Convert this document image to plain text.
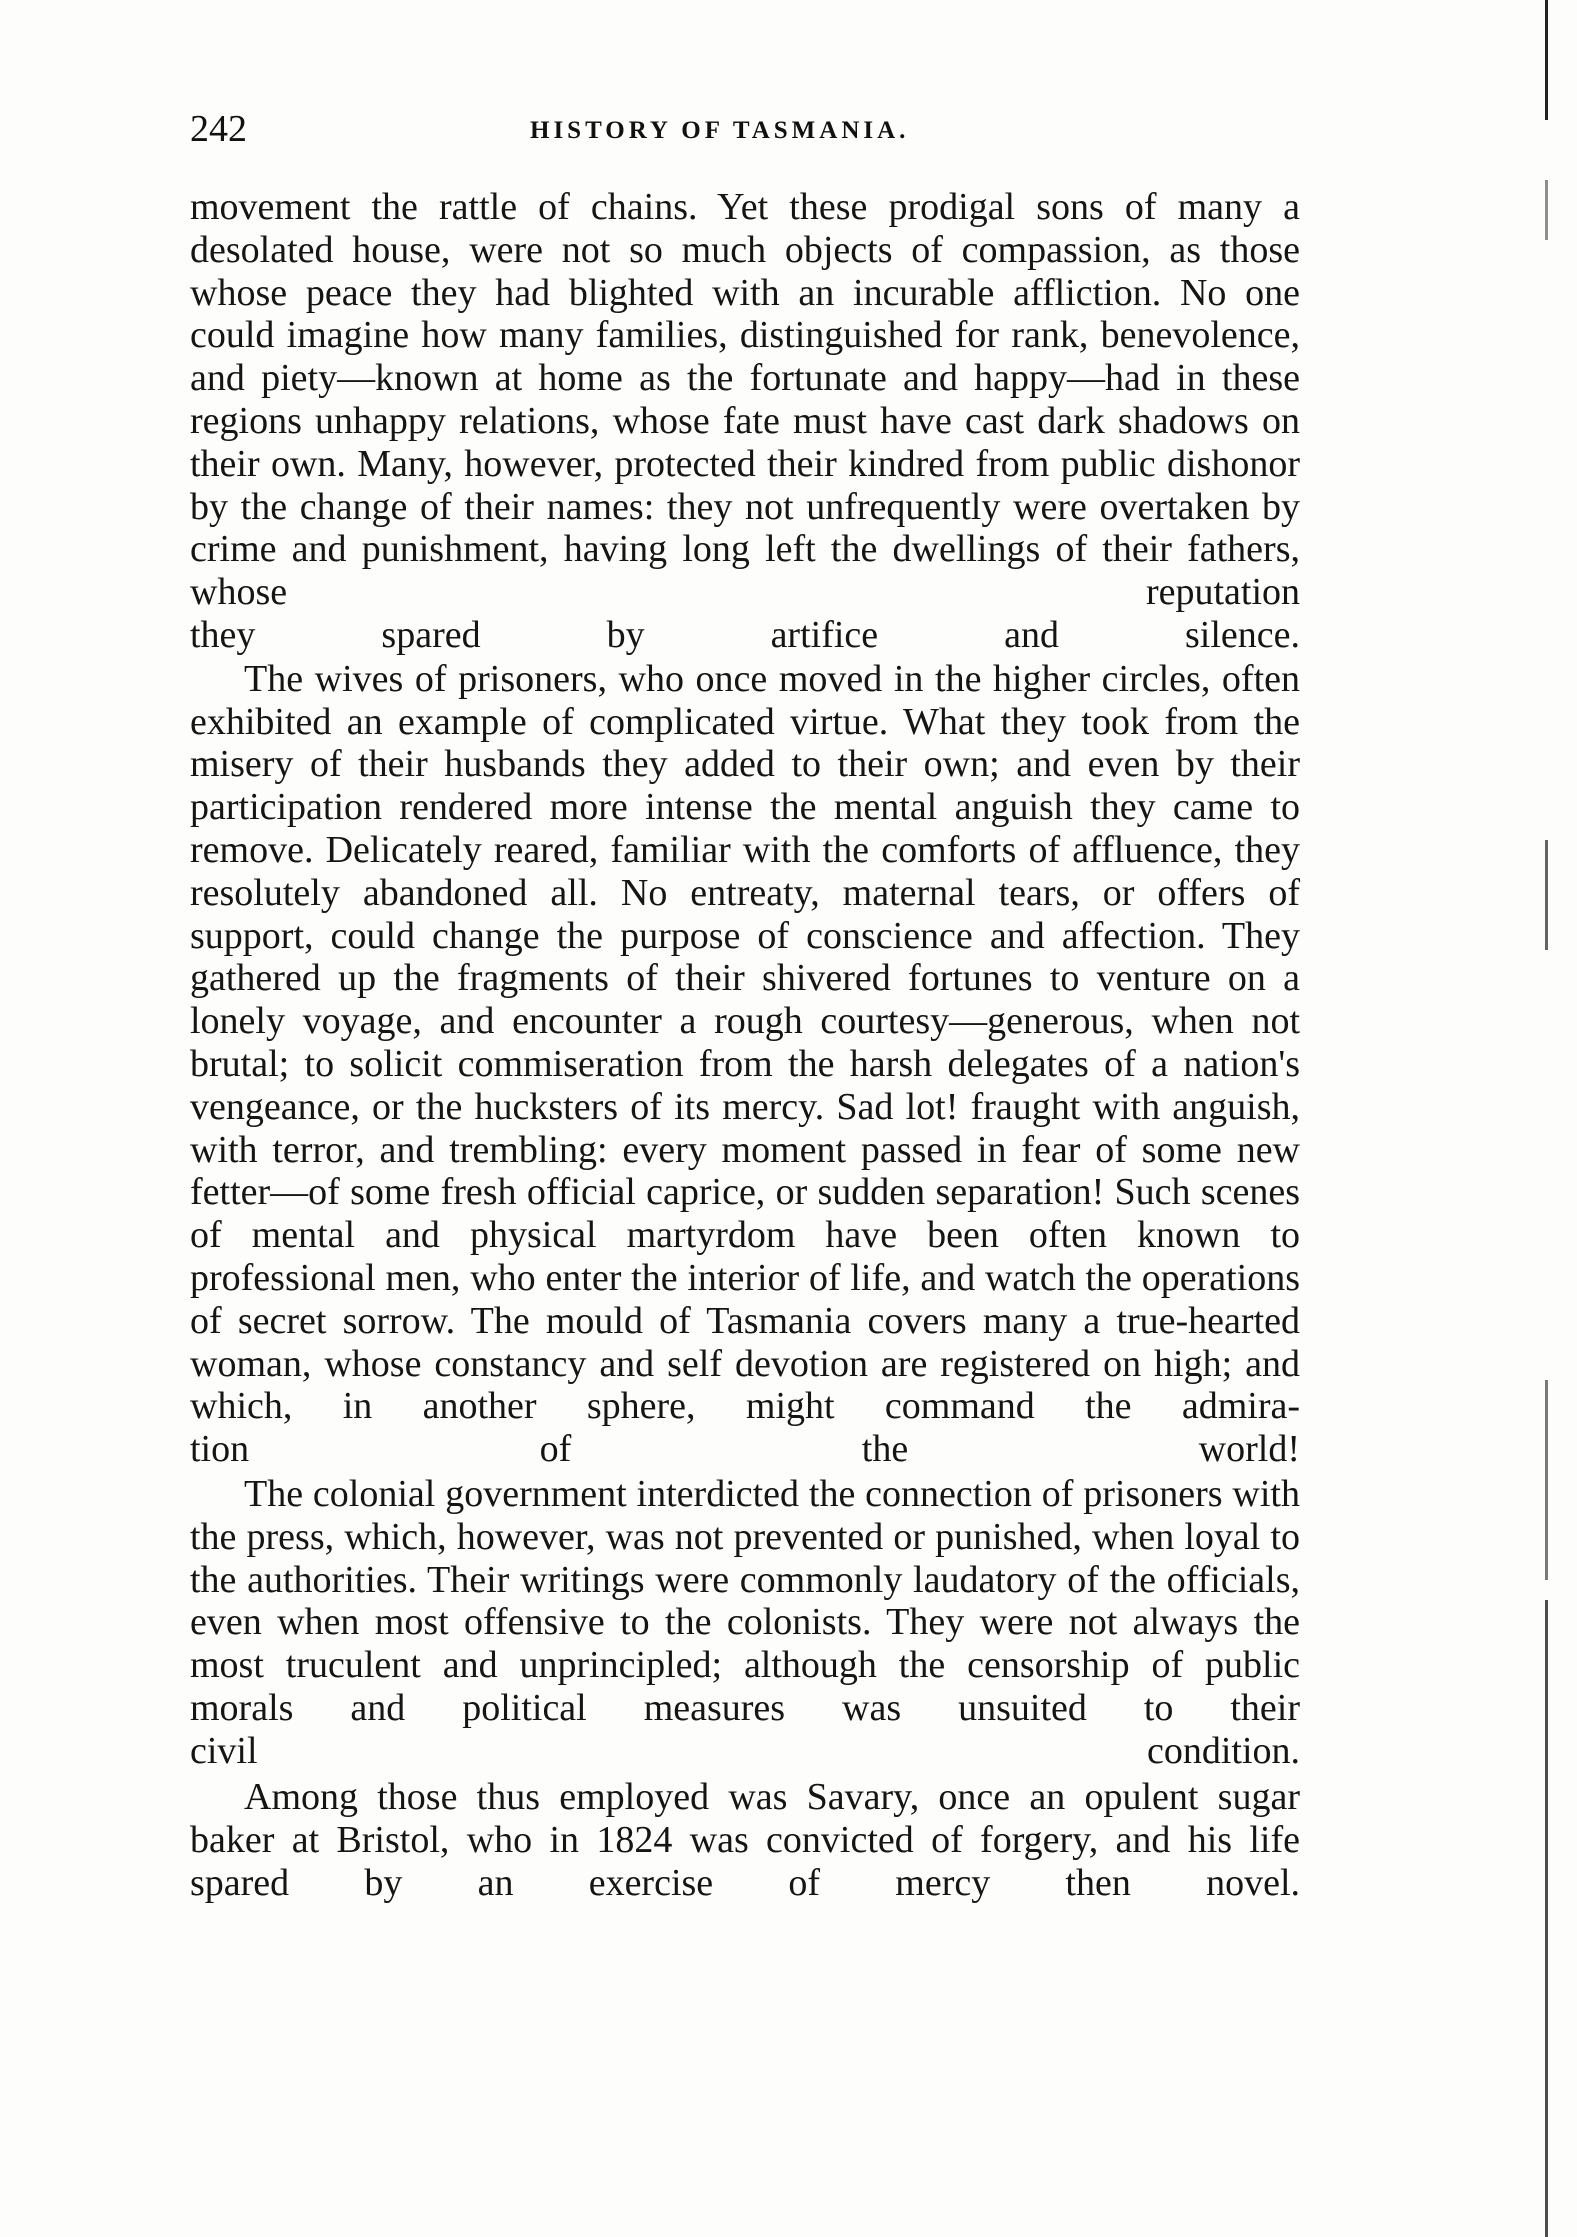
242	HISTORY OF TASMANIA.

movement the rattle of chains. Yet these prodigal sons of many a desolated house, were not so much objects of compassion, as those whose peace they had blighted with an incurable affliction. No one could imagine how many families, distinguished for rank, benevolence, and piety—known at home as the fortunate and happy—had in these regions unhappy relations, whose fate must have cast dark shadows on their own. Many, however, protected their kindred from public dishonor by the change of their names: they not unfrequently were overtaken by crime and punishment, having long left the dwellings of their fathers, whose reputation
they spared by artifice and silence.

The wives of prisoners, who once moved in the higher circles, often exhibited an example of complicated virtue. What they took from the misery of their husbands they added to their own; and even by their participation rendered more intense the mental anguish they came to remove. Delicately reared, familiar with the comforts of affluence, they resolutely abandoned all. No entreaty, maternal tears, or offers of support, could change the purpose of conscience and affection. They gathered up the fragments of their shivered fortunes to venture on a lonely voyage, and encounter a rough courtesy—generous, when not brutal; to solicit commiseration from the harsh delegates of a nation's vengeance, or the hucksters of its mercy. Sad lot! fraught with anguish, with terror, and trembling: every moment passed in fear of some new fetter—of some fresh official caprice, or sudden separation! Such scenes of mental and physical martyrdom have been often known to professional men, who enter the interior of life, and watch the operations of secret sorrow. The mould of Tasmania covers many a true-hearted woman, whose constancy and self devotion are registered on high; and which, in another sphere, might command the admira-
tion of the world!

The colonial government interdicted the connection of prisoners with the press, which, however, was not prevented or punished, when loyal to the authorities. Their writings were commonly laudatory of the officials, even when most offensive to the colonists. They were not always the most truculent and unprincipled; although the censorship of public morals and political measures was unsuited to their
civil condition.

Among those thus employed was Savary, once an opulent sugar baker at Bristol, who in 1824 was convicted of forgery, and his life spared by an exercise of mercy then novel.
